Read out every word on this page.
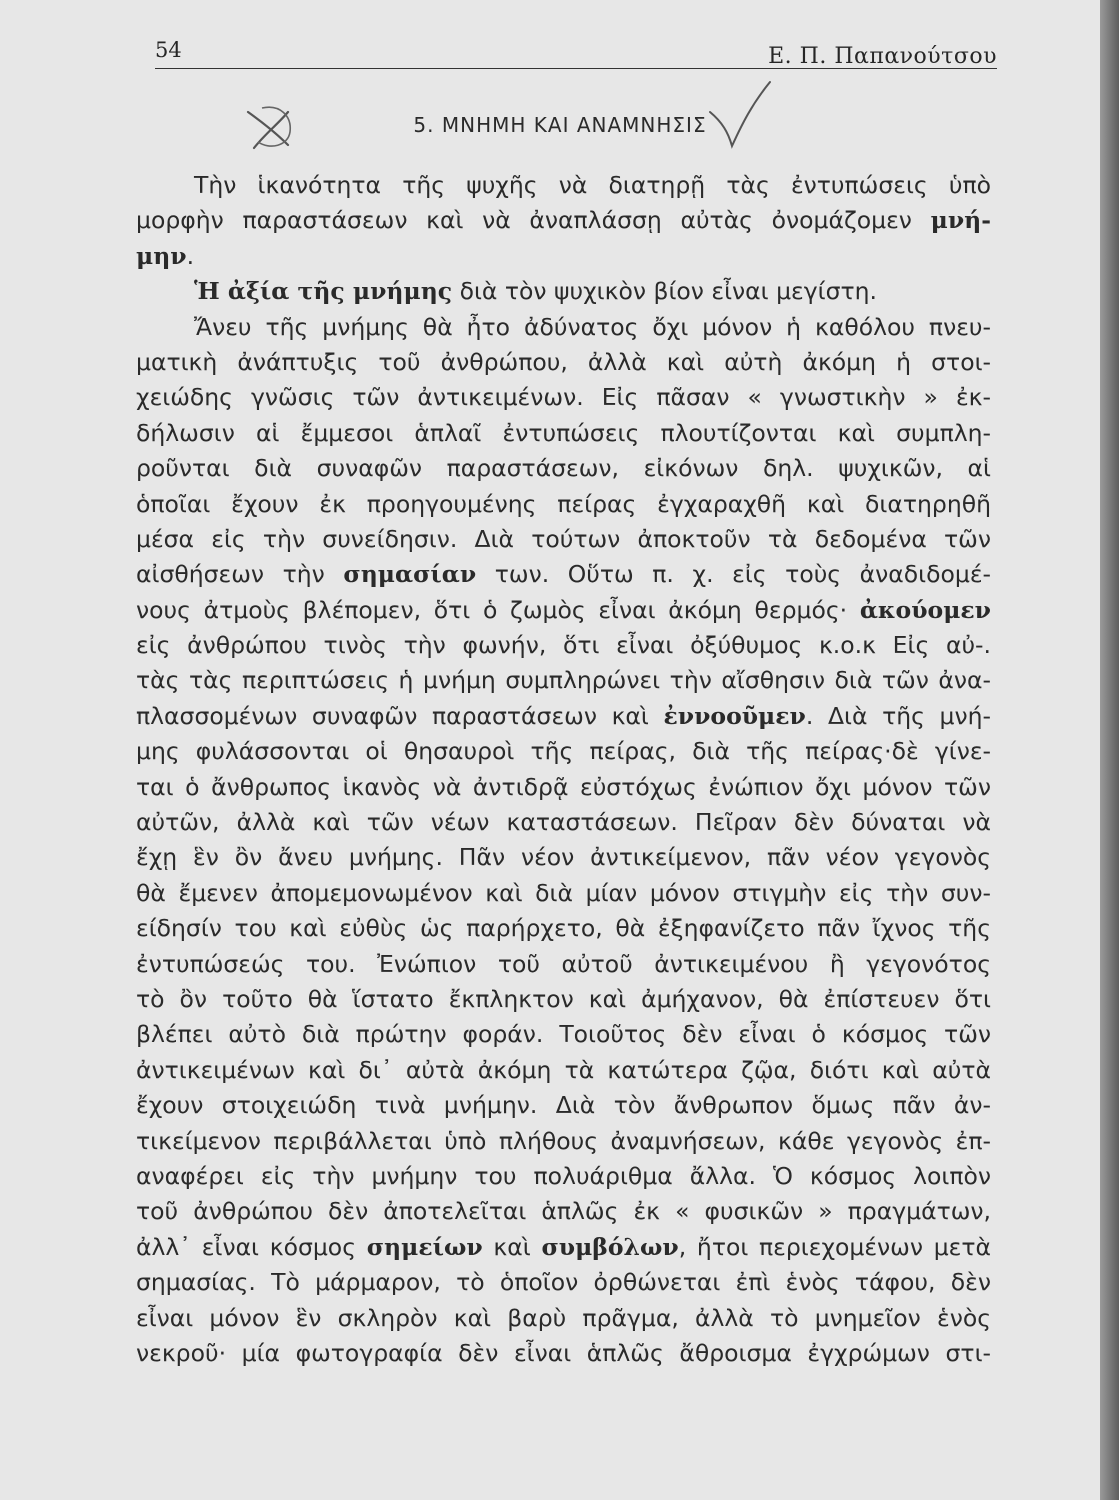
54	Ε. Π. Παπανούτσου
5. ΜΝΗΜΗ ΚΑΙ ΑΝΑΜΝΗΣΙΣ
Τὴν ἱκανότητα τῆς ψυχῆς νὰ διατηρῇ τὰς ἐντυπώσεις ὑπὸ
μορφὴν παραστάσεων καὶ νὰ ἀναπλάσσῃ αὐτὰς ὀνομάζομεν μνή-
μην.
Ἡ ἀξία τῆς μνήμης διὰ τὸν ψυχικὸν βίον εἶναι μεγίστη.
Ἄνευ τῆς μνήμης θὰ ἦτο ἀδύνατος ὄχι μόνον ἡ καθόλου πνευ-
ματικὴ ἀνάπτυξις τοῦ ἀνθρώπου, ἀλλὰ καὶ αὐτὴ ἀκόμη ἡ στοι-
χειώδης γνῶσις τῶν ἀντικειμένων. Εἰς πᾶσαν « γνωστικὴν » ἐκ-
δήλωσιν αἱ ἔμμεσοι ἁπλαῖ ἐντυπώσεις πλουτίζονται καὶ συμπλη-
ροῦνται διὰ συναφῶν παραστάσεων, εἰκόνων δηλ. ψυχικῶν, αἱ
ὁποῖαι ἔχουν ἐκ προηγουμένης πείρας ἐγχαραχθῆ καὶ διατηρηθῆ
μέσα εἰς τὴν συνείδησιν. Διὰ τούτων ἀποκτοῦν τὰ δεδομένα τῶν
αἰσθήσεων τὴν σημασίαν των. Οὕτω π. χ. εἰς τοὺς ἀναδιδομέ-
νους ἀτμοὺς βλέπομεν, ὅτι ὁ ζωμὸς εἶναι ἀκόμη θερμός· ἀκούομεν
εἰς ἀνθρώπου τινὸς τὴν φωνήν, ὅτι εἶναι ὀξύθυμος κ.ο.κ Εἰς αὐ-.
τὰς τὰς περιπτώσεις ἡ μνήμη συμπληρώνει τὴν αἴσθησιν διὰ τῶν ἀνα-
πλασσομένων συναφῶν παραστάσεων καὶ ἐννοοῦμεν. Διὰ τῆς μνή-
μης φυλάσσονται οἱ θησαυροὶ τῆς πείρας, διὰ τῆς πείρας·δὲ γίνε-
ται ὁ ἄνθρωπος ἱκανὸς νὰ ἀντιδρᾷ εὐστόχως ἐνώπιον ὄχι μόνον τῶν
αὐτῶν, ἀλλὰ καὶ τῶν νέων καταστάσεων. Πεῖραν δὲν δύναται νὰ
ἔχῃ ἓν ὂν ἄνευ μνήμης. Πᾶν νέον ἀντικείμενον, πᾶν νέον γεγονὸς
θὰ ἔμενεν ἀπομεμονωμένον καὶ διὰ μίαν μόνον στιγμὴν εἰς τὴν συν-
είδησίν του καὶ εὐθὺς ὡς παρήρχετο, θὰ ἐξηφανίζετο πᾶν ἴχνος τῆς
ἐντυπώσεώς του. Ἐνώπιον τοῦ αὐτοῦ ἀντικειμένου ἢ γεγονότος
τὸ ὂν τοῦτο θὰ ἵστατο ἔκπληκτον καὶ ἀμήχανον, θὰ ἐπίστευεν ὅτι
βλέπει αὐτὸ διὰ πρώτην φοράν. Τοιοῦτος δὲν εἶναι ὁ κόσμος τῶν
ἀντικειμένων καὶ δι᾽ αὐτὰ ἀκόμη τὰ κατώτερα ζῷα, διότι καὶ αὐτὰ
ἔχουν στοιχειώδη τινὰ μνήμην. Διὰ τὸν ἄνθρωπον ὅμως πᾶν ἀν-
τικείμενον περιβάλλεται ὑπὸ πλήθους ἀναμνήσεων, κάθε γεγονὸς ἐπ-
αναφέρει εἰς τὴν μνήμην του πολυάριθμα ἄλλα. Ὁ κόσμος λοιπὸν
τοῦ ἀνθρώπου δὲν ἀποτελεῖται ἁπλῶς ἐκ « φυσικῶν » πραγμάτων,
ἀλλ᾽ εἶναι κόσμος σημείων καὶ συμβόλων, ἤτοι περιεχομένων μετὰ
σημασίας. Τὸ μάρμαρον, τὸ ὁποῖον ὀρθώνεται ἐπὶ ἑνὸς τάφου, δὲν
εἶναι μόνον ἓν σκληρὸν καὶ βαρὺ πρᾶγμα, ἀλλὰ τὸ μνημεῖον ἑνὸς
νεκροῦ· μία φωτογραφία δὲν εἶναι ἁπλῶς ἄθροισμα ἐγχρώμων στι-
